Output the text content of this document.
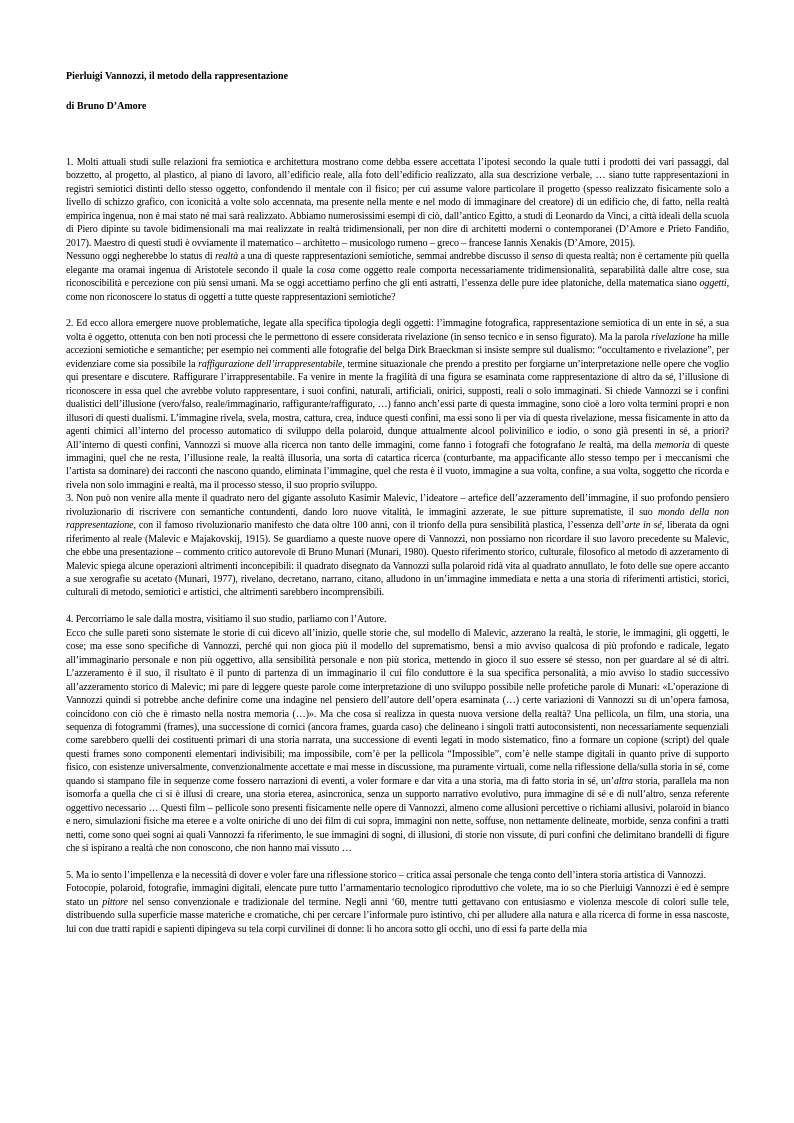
Pierluigi Vannozzi, il metodo della rappresentazione

di Bruno D’Amore

1. Molti attuali studi sulle relazioni fra semiotica e architettura mostrano come debba essere accettata l’ipotesi secondo la quale tutti i prodotti dei vari passaggi, dal bozzetto, al progetto, al plastico, al piano di lavoro, all’edificio reale, alla foto dell’edificio realizzato, alla sua descrizione verbale, … siano tutte rappresentazioni in registri semiotici distinti dello stesso oggetto, confondendo il mentale con il fisico; per cui assume valore particolare il progetto (spesso realizzato fisicamente solo a livello di schizzo grafico, con iconicità a volte solo accennata, ma presente nella mente e nel modo di immaginare del creatore) di un edificio che, di fatto, nella realtà empirica ingenua, non è mai stato né mai sarà realizzato. Abbiamo numerosissimi esempi di ciò, dall’antico Egitto, a studi di Leonardo da Vinci, a città ideali della scuola di Piero dipinte su tavole bidimensionali ma mai realizzate in realtà tridimensionali, per non dire di architetti moderni o contemporanei (D’Amore e Prieto Fandiño, 2017). Maestro di questi studi è ovviamente il matematico – architetto – musicologo rumeno – greco – francese Iannis Xenakis (D’Amore, 2015).

Nessuno oggi negherebbe lo status di realtà a una di queste rappresentazioni semiotiche, semmai andrebbe discusso il senso di questa realtà; non è certamente più quella elegante ma oramai ingenua di Aristotele secondo il quale la cosa come oggetto reale comporta necessariamente tridimensionalità, separabilità dalle altre cose, sua riconoscibilità e percezione con più sensi umani. Ma se oggi accettiamo perfino che gli enti astratti, l’essenza delle pure idee platoniche, della matematica siano oggetti, come non riconoscere lo status di oggetti a tutte queste rappresentazioni semiotiche?

2. Ed ecco allora emergere nuove problematiche, legate alla specifica tipologia degli oggetti: l’immagine fotografica, rappresentazione semiotica di un ente in sé, a sua volta è oggetto, ottenuta con ben noti processi che le permettono di essere considerata rivelazione (in senso tecnico e in senso figurato). Ma la parola rivelazione ha mille accezioni semiotiche e semantiche; per esempio nei commenti alle fotografie del belga Dirk Braeckman si insiste sempre sul dualismo: “occultamento e rivelazione”, per evidenziare come sia possibile la raffigurazione dell’irrappresentabile, termine situazionale che prendo a prestito per forgiarne un’interpretazione nelle opere che voglio qui presentare e discutere. Raffigurare l’irrappresentabile. Fa venire in mente la fragilità di una figura se esaminata come rappresentazione di altro da sé, l’illusione di riconoscere in essa quel che avrebbe voluto rappresentare, i suoi confini, naturali, artificiali, onirici, supposti, reali o solo immaginati. Si chiede Vannozzi se i confini dualistici dell’illusione (vero/falso, reale/immaginario, raffigurante/raffigurato, …) fanno anch’essi parte di questa immagine, sono cioè a loro volta termini propri e non illusori di questi dualismi. L’immagine rivela, svela, mostra, cattura, crea, induce questi confini, ma essi sono lì per via di questa rivelazione, messa fisicamente in atto da agenti chimici all’interno del processo automatico di sviluppo della polaroid, dunque attualmente alcool polivinilico e iodio, o sono già presenti in sé, a priori? All’interno di questi confini, Vannozzi si muove alla ricerca non tanto delle immagini, come fanno i fotografi che fotografano le realtà, ma della memoria di queste immagini, quel che ne resta, l’illusione reale, la realtà illusoria, una sorta di catartica ricerca (conturbante, ma appacificante allo stesso tempo per i meccanismi che l’artista sa dominare) dei racconti che nascono quando, eliminata l’immagine, quel che resta è il vuoto, immagine a sua volta, confine, a sua volta, soggetto che ricorda e rivela non solo immagini e realtà, ma il processo stesso, il suo proprio sviluppo.

3. Non può non venire alla mente il quadrato nero del gigante assoluto Kasimir Malevic, l’ideatore – artefice dell’azzeramento dell’immagine, il suo profondo pensiero rivoluzionario di riscrivere con semantiche contundenti, dando loro nuove vitalità, le immagini azzerate, le sue pitture suprematiste, il suo mondo della non rappresentazione, con il famoso rivoluzionario manifesto che data oltre 100 anni, con il trionfo della pura sensibilità plastica, l’essenza dell’arte in sé, liberata da ogni riferimento al reale (Malevic e Majakovskij, 1915). Se guardiamo a queste nuove opere di Vannozzi, non possiamo non ricordare il suo lavoro precedente su Malevic, che ebbe una presentazione – commento critico autorevole di Bruno Munari (Munari, 1980). Questo riferimento storico, culturale, filosofico al metodo di azzeramento di Malevic spiega alcune operazioni altrimenti inconcepibili: il quadrato disegnato da Vannozzi sulla polaroid ridà vita al quadrato annullato, le foto delle sue opere accanto a sue xerografie su acetato (Munari, 1977), rivelano, decretano, narrano, citano, alludono in un’immagine immediata e netta a una storia di riferimenti artistici, storici, culturali di metodo, semiotici e artistici, che altrimenti sarebbero incomprensibili.

4. Percorriamo le sale dalla mostra, visitiamo il suo studio, parliamo con l’Autore.

Ecco che sulle pareti sono sistemate le storie di cui dicevo all’inizio, quelle storie che, sul modello di Malevic, azzerano la realtà, le storie, le immagini, gli oggetti, le cose; ma esse sono specifiche di Vannozzi, perché qui non gioca più il modello del suprematismo, bensì a mio avviso qualcosa di più profondo e radicale, legato all’immaginario personale e non più oggettivo, alla sensibilità personale e non più storica, mettendo in gioco il suo essere sé stesso, non per guardare al sé di altri. L’azzeramento è il suo, il risultato è il punto di partenza di un immaginario il cui filo conduttore è la sua specifica personalità, a mio avviso lo stadio successivo all’azzeramento storico di Malevic; mi pare di leggere queste parole come interpretazione di uno sviluppo possibile nelle profetiche parole di Munari: «L’operazione di Vannozzi quindi si potrebbe anche definire come una indagine nel pensiero dell’autore dell’opera esaminata (…) certe variazioni di Vannozzi su di un’opera famosa, coincidono con ciò che è rimasto nella nostra memoria (…)». Ma che cosa si realizza in questa nuova versione della realtà? Una pellicola, un film, una storia, una sequenza di fotogrammi (frames), una successione di cornici (ancora frames, guarda caso) che delineano i singoli tratti autoconsistenti, non necessariamente sequenziali come sarebbero quelli dei costituenti primari di una storia narrata, una successione di eventi legati in modo sistematico, fino a formare un copione (script) del quale questi frames sono componenti elementari indivisibili; ma impossibile, com’è per la pellicola “Impossible”, com’è nelle stampe digitali in quanto prive di supporto fisico, con esistenze universalmente, convenzionalmente accettate e mai messe in discussione, ma puramente virtuali, come nella riflessione della/sulla storia in sé, come quando si stampano file in sequenze come fossero narrazioni di eventi, a voler formare e dar vita a una storia, ma di fatto storia in sé, un’altra storia, parallela ma non isomorfa a quella che ci si è illusi di creare, una storia eterea, asincronica, senza un supporto narrativo evolutivo, pura immagine di sé e di null’altro, senza referente oggettivo necessario … Questi film – pellicole sono presenti fisicamente nelle opere di Vannozzi, almeno come allusioni percettive o richiami allusivi, polaroid in bianco e nero, simulazioni fisiche ma eteree e a volte oniriche di uno dei film di cui sopra, immagini non nette, soffuse, non nettamente delineate, morbide, senza confini a tratti netti, come sono quei sogni ai quali Vannozzi fa riferimento, le sue immagini di sogni, di illusioni, di storie non vissute, di puri confini che delimitano brandelli di figure che si ispirano a realtà che non conoscono, che non hanno mai vissuto …

5. Ma io sento l’impellenza e la necessità di dover e voler fare una riflessione storico – critica assai personale che tenga conto dell’intera storia artistica di Vannozzi.

Fotocopie, polaroid, fotografie, immagini digitali, elencate pure tutto l’armamentario tecnologico riproduttivo che volete, ma io so che Pierluigi Vannozzi è ed è sempre stato un pittore nel senso convenzionale e tradizionale del termine. Negli anni ‘60, mentre tutti gettavano con entusiasmo e violenza mescole di colori sulle tele, distribuendo sulla superficie masse materiche e cromatiche, chi per cercare l’informale puro istintivo, chi per alludere alla natura e alla ricerca di forme in essa nascoste, lui con due tratti rapidi e sapienti dipingeva su tela corpi curvilinei di donne: li ho ancora sotto gli occhi, uno di essi fa parte della mia
